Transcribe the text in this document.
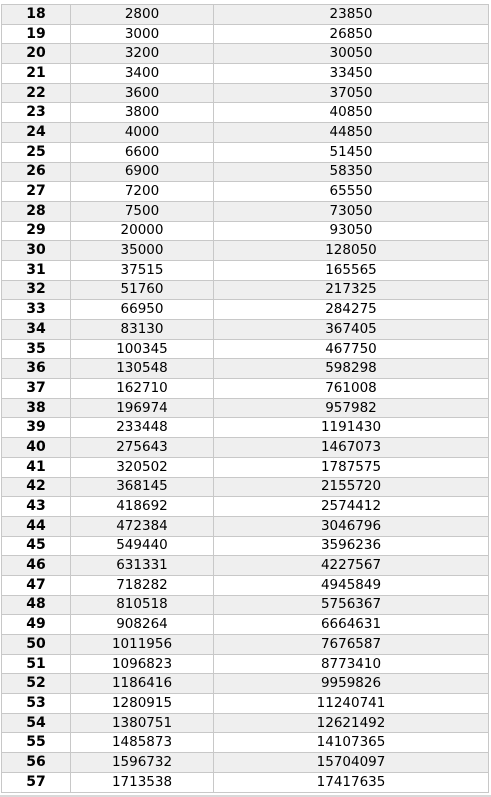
18	2800	23850
19	3000	26850
20	3200	30050
21	3400	33450
22	3600	37050
23	3800	40850
24	4000	44850
25	6600	51450
26	6900	58350
27	7200	65550
28	7500	73050
29	20000	93050
30	35000	128050
31	37515	165565
32	51760	217325
33	66950	284275
34	83130	367405
35	100345	467750
36	130548	598298
37	162710	761008
38	196974	957982
39	233448	1191430
40	275643	1467073
41	320502	1787575
42	368145	2155720
43	418692	2574412
44	472384	3046796
45	549440	3596236
46	631331	4227567
47	718282	4945849
48	810518	5756367
49	908264	6664631
50	1011956	7676587
51	1096823	8773410
52	1186416	9959826
53	1280915	11240741
54	1380751	12621492
55	1485873	14107365
56	1596732	15704097
57	1713538	17417635
